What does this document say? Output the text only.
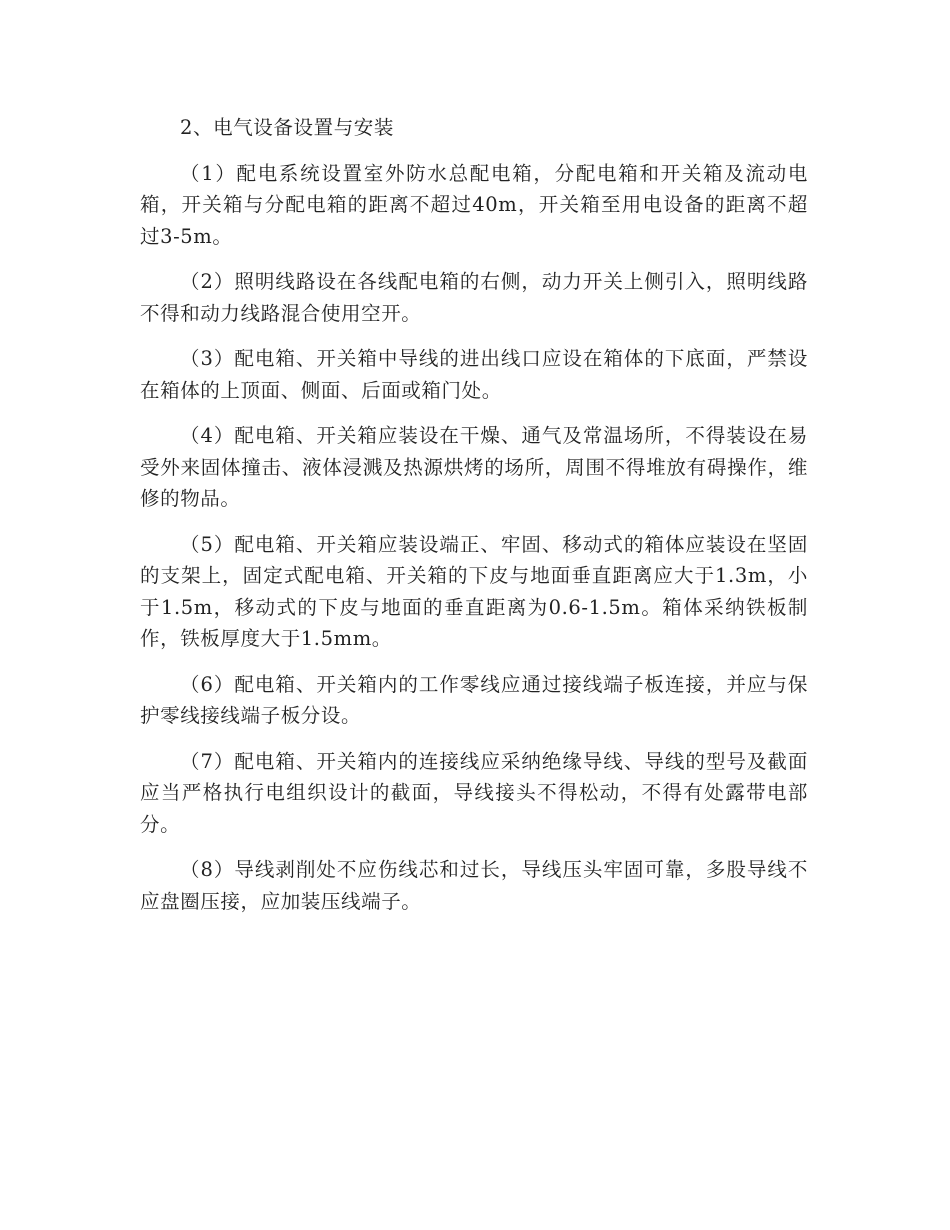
2、电气设备设置与安装

（1）配电系统设置室外防水总配电箱，分配电箱和开关箱及流动电箱，开关箱与分配电箱的距离不超过40m，开关箱至用电设备的距离不超过3-5m。

（2）照明线路设在各线配电箱的右侧，动力开关上侧引入，照明线路不得和动力线路混合使用空开。

（3）配电箱、开关箱中导线的进出线口应设在箱体的下底面，严禁设在箱体的上顶面、侧面、后面或箱门处。

（4）配电箱、开关箱应装设在干燥、通气及常温场所，不得装设在易受外来固体撞击、液体浸溅及热源烘烤的场所，周围不得堆放有碍操作，维修的物品。

（5）配电箱、开关箱应装设端正、牢固、移动式的箱体应装设在坚固的支架上，固定式配电箱、开关箱的下皮与地面垂直距离应大于1.3m，小于1.5m，移动式的下皮与地面的垂直距离为0.6-1.5m。箱体采纳铁板制作，铁板厚度大于1.5mm。

（6）配电箱、开关箱内的工作零线应通过接线端子板连接，并应与保护零线接线端子板分设。

（7）配电箱、开关箱内的连接线应采纳绝缘导线、导线的型号及截面应当严格执行电组织设计的截面，导线接头不得松动，不得有处露带电部分。

（8）导线剥削处不应伤线芯和过长，导线压头牢固可靠，多股导线不应盘圈压接，应加装压线端子。
